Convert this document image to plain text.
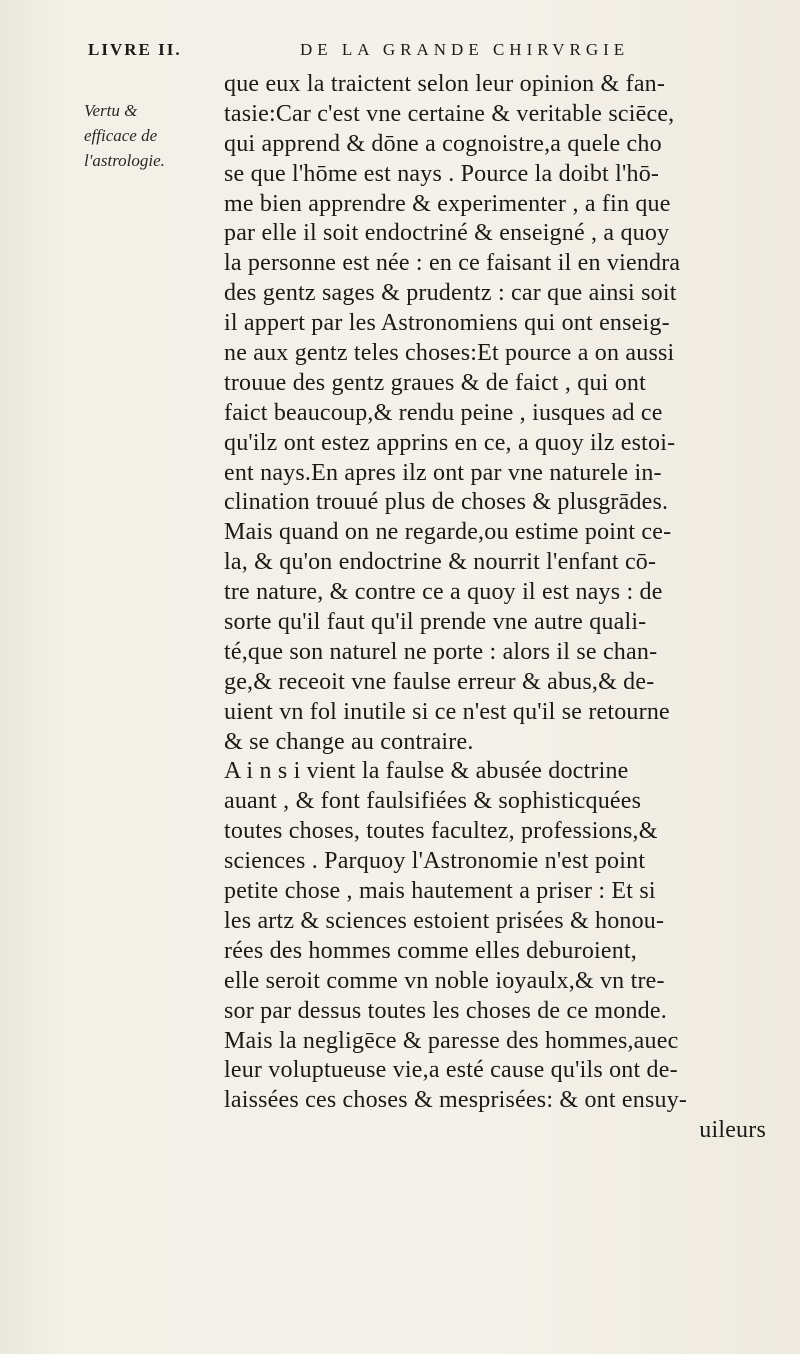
LIVRE II.	DE LA GRANDE CHIRVRGIE
Vertu &
efficace de
l'astrologie.
que eux la traictent selon leur opinion & fan-
tasie:Car c'est vne certaine & veritable sciēce,
qui apprend & dōne a cognoistre,a quele cho
se que l'hōme est nays . Pource la doibt l'hō-
me bien apprendre & experimenter , a fin que
par elle il soit endoctriné & enseigné , a quoy
la personne est née : en ce faisant il en viendra
des gentz sages & prudentz : car que ainsi soit
il appert par les Astronomiens qui ont enseig-
ne aux gentz teles choses:Et pource a on aussi
trouue des gentz graues & de faict , qui ont
faict beaucoup,& rendu peine , iusques ad ce
qu'ilz ont estez apprins en ce, a quoy ilz estoi-
ent nays.En apres ilz ont par vne naturele in-
clination trouué plus de choses & plusgrādes.
Mais quand on ne regarde,ou estime point ce-
la, & qu'on endoctrine & nourrit l'enfant cō-
tre nature, & contre ce a quoy il est nays : de
sorte qu'il faut qu'il prende vne autre quali-
té,que son naturel ne porte : alors il se chan-
ge,& receoit vne faulse erreur & abus,& de-
uient vn fol inutile si ce n'est qu'il se retourne
& se change au contraire.
A i n s i vient la faulse & abusée doctrine
auant , & font faulsifiées & sophisticquées
toutes choses, toutes facultez, professions,&
sciences . Parquoy l'Astronomie n'est point
petite chose , mais hautement a priser : Et si
les artz & sciences estoient prisées & honou-
rées des hommes comme elles deburoient,
elle seroit comme vn noble ioyaulx,& vn tre-
sor par dessus toutes les choses de ce monde.
Mais la negligēce & paresse des hommes,auec
leur voluptueuse vie,a esté cause qu'ils ont de-
laissées ces choses & mesprisées: & ont ensuy-
uileurs
